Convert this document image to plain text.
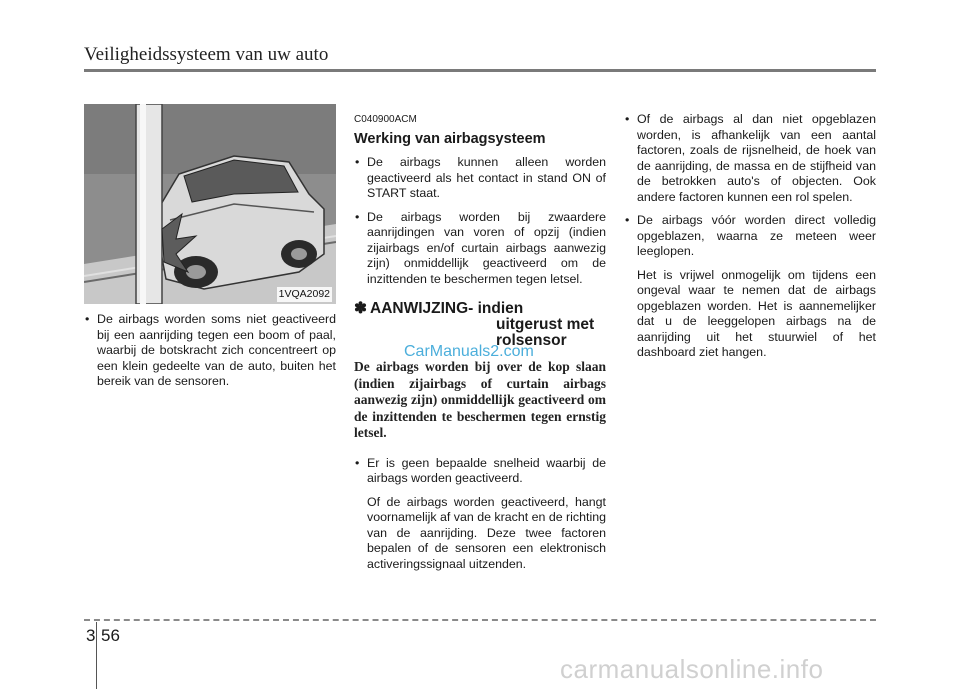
Veiligheidssysteem van uw auto
1VQA2092
• De airbags worden soms niet geactiveerd bij een aanrijding tegen een boom of paal, waarbij de botskracht zich concentreert op een klein gedeelte van de auto, buiten het bereik van de sensoren.
C040900ACM
Werking van airbagsysteem
• De airbags kunnen alleen worden geactiveerd als het contact in stand ON of START staat.
• De airbags worden bij zwaardere aanrijdingen van voren of opzij (indien zijairbags en/of curtain airbags aanwezig zijn) onmiddellijk geactiveerd om de inzittenden te beschermen tegen letsel.
✽ AANWIJZING- indien
uitgerust met rolsensor
De airbags worden bij over de kop slaan (indien zijairbags of curtain airbags aanwezig zijn) onmiddellijk geactiveerd om de inzittenden te beschermen tegen ernstig letsel.
• Er is geen bepaalde snelheid waarbij de airbags worden geactiveerd.
Of de airbags worden geactiveerd, hangt voornamelijk af van de kracht en de richting van de aanrijding. Deze twee factoren bepalen of de sensoren een elektronisch activeringssignaal uitzenden.
• Of de airbags al dan niet opgeblazen worden, is afhankelijk van een aantal factoren, zoals de rijsnelheid, de hoek van de aanrijding, de massa en de stijfheid van de betrokken auto's of objecten. Ook andere factoren kunnen een rol spelen.
• De airbags vóór worden direct volledig opgeblazen, waarna ze meteen weer leeglopen.
Het is vrijwel onmogelijk om tijdens een ongeval waar te nemen dat de airbags opgeblazen worden. Het is aannemelijker dat u de leeggelopen airbags na de aanrijding uit het stuurwiel of het dashboard ziet hangen.
CarManuals2.com
3 56
carmanualsonline.info
